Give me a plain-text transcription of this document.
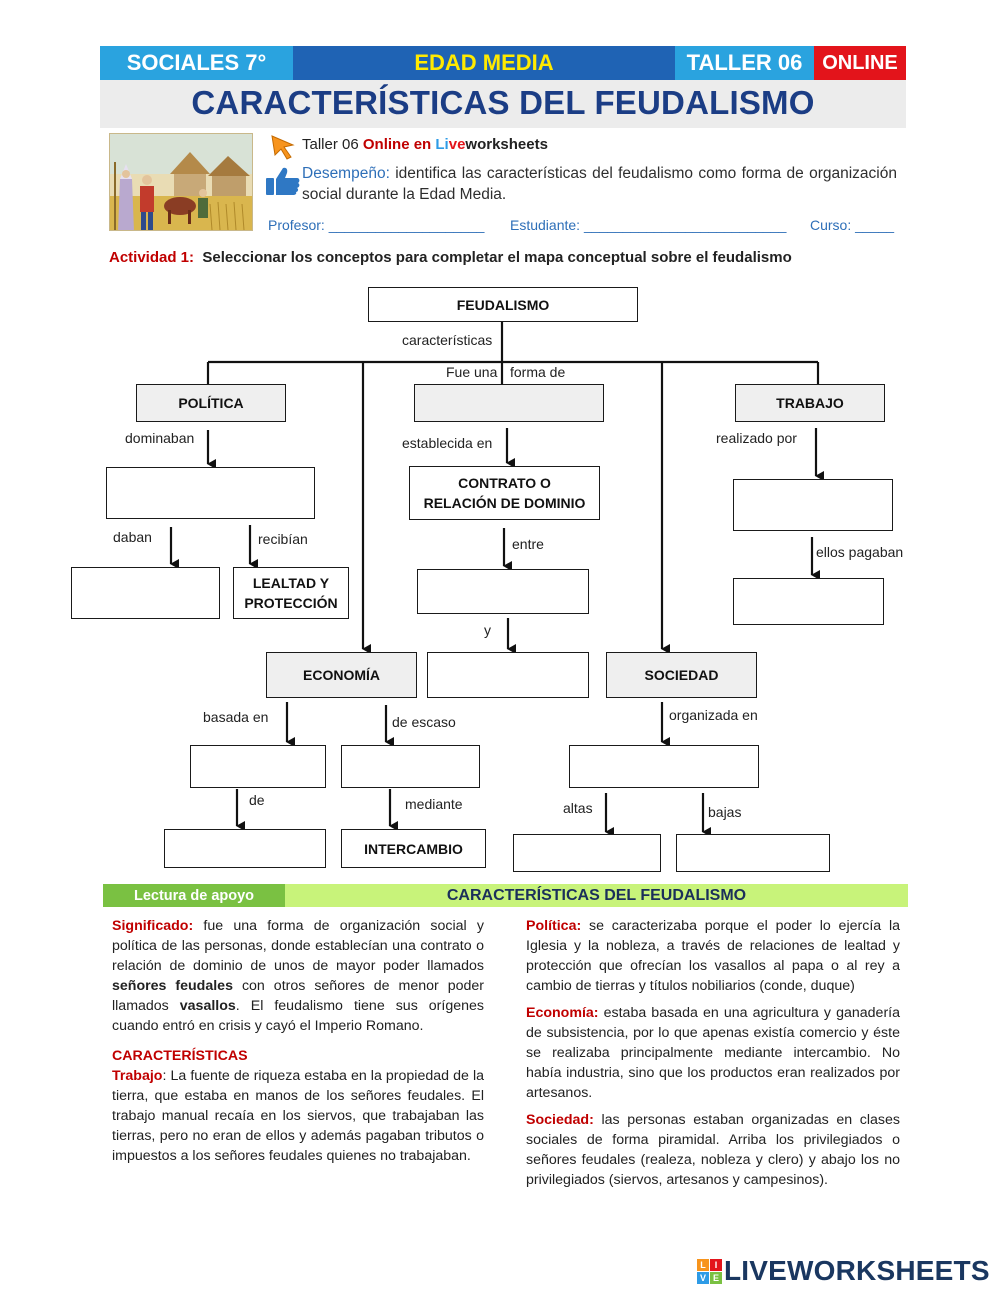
SOCIALES 7°	EDAD MEDIA	TALLER 06 ONLINE
CARACTERÍSTICAS DEL FEUDALISMO
Taller 06 Online en Liveworksheets
Desempeño: identifica las características del feudalismo como forma de organización social durante la Edad Media.
Profesor: ____________________ Estudiante: __________________________ Curso: _____
Actividad 1: Seleccionar los conceptos para completar el mapa conceptual sobre el feudalismo
FEUDALISMO
POLÍTICA	TRABAJO
CONTRATO O
RELACIÓN DE DOMINIO
LEALTAD Y
PROTECCIÓN
ECONOMÍA	SOCIEDAD
INTERCAMBIO
características
Fue una forma de
dominaban	establecida en	realizado por
daban	recibían	entre	ellos pagaban
y
basada en	de escaso	organizada en
de	mediante	altas	bajas
Lectura de apoyo	CARACTERÍSTICAS DEL FEUDALISMO

Significado: fue una forma de organización social y política de las personas, donde establecían una contrato o relación de dominio de unos de mayor poder llamados señores feudales con otros señores de menor poder llamados vasallos. El feudalismo tiene sus orígenes cuando entró en crisis y cayó el Imperio Romano.

CARACTERÍSTICAS

Trabajo: La fuente de riqueza estaba en la propiedad de la tierra, que estaba en manos de los señores feudales. El trabajo manual recaía en los siervos, que trabajaban las tierras, pero no eran de ellos y además pagaban tributos o impuestos a los señores feudales quienes no trabajaban.

Política: se caracterizaba porque el poder lo ejercía la Iglesia y la nobleza, a través de relaciones de lealtad y protección que ofrecían los vasallos al papa o al rey a cambio de tierras y títulos nobiliarios (conde, duque)

Economía: estaba basada en una agricultura y ganadería de subsistencia, por lo que apenas existía comercio y éste se realizaba principalmente mediante intercambio. No había industria, sino que los productos eran realizados por artesanos.

Sociedad: las personas estaban organizadas en clases sociales de forma piramidal. Arriba los privilegiados o señores feudales (realeza, nobleza y clero) y abajo los no privilegiados (siervos, artesanos y campesinos).

L I
V E LIVEWORKSHEETS
